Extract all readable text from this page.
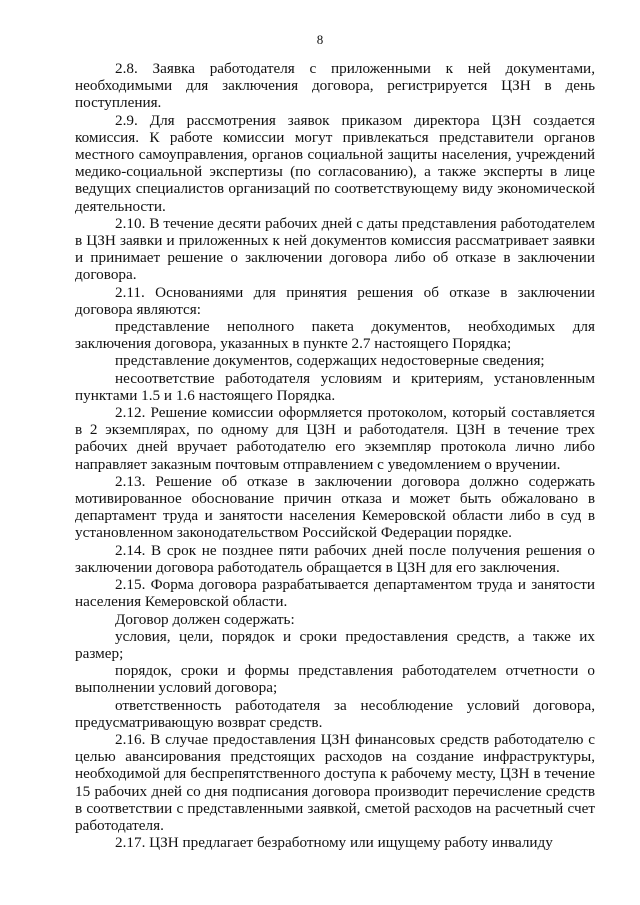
8

2.8. Заявка работодателя с приложенными к ней документами, необходимыми для заключения договора, регистрируется ЦЗН в день поступления.

2.9. Для рассмотрения заявок приказом директора ЦЗН создается комиссия. К работе комиссии могут привлекаться представители органов местного самоуправления, органов социальной защиты населения, учреждений медико-социальной экспертизы (по согласованию), а также эксперты в лице ведущих специалистов организаций по соответствующему виду экономической деятельности.

2.10. В течение десяти рабочих дней с даты представления работодателем в ЦЗН заявки и приложенных к ней документов комиссия рассматривает заявки и принимает решение о заключении договора либо об отказе в заключении договора.

2.11. Основаниями для принятия решения об отказе в заключении договора являются:

представление неполного пакета документов, необходимых для заключения договора, указанных в пункте 2.7 настоящего Порядка;

представление документов, содержащих недостоверные сведения;

несоответствие работодателя условиям и критериям, установленным пунктами 1.5 и 1.6 настоящего Порядка.

2.12. Решение комиссии оформляется протоколом, который составляется в 2 экземплярах, по одному для ЦЗН и работодателя. ЦЗН в течение трех рабочих дней вручает работодателю его экземпляр протокола лично либо направляет заказным почтовым отправлением с уведомлением о вручении.

2.13. Решение об отказе в заключении договора должно содержать мотивированное обоснование причин отказа и может быть обжаловано в департамент труда и занятости населения Кемеровской области либо в суд в установленном законодательством Российской Федерации порядке.

2.14. В срок не позднее пяти рабочих дней после получения решения о заключении договора работодатель обращается в ЦЗН для его заключения.

2.15. Форма договора разрабатывается департаментом труда и занятости населения Кемеровской области.

Договор должен содержать:

условия, цели, порядок и сроки предоставления средств, а также их размер;

порядок, сроки и формы представления работодателем отчетности о выполнении условий договора;

ответственность работодателя за несоблюдение условий договора, предусматривающую возврат средств.

2.16. В случае предоставления ЦЗН финансовых средств работодателю с целью авансирования предстоящих расходов на создание инфраструктуры, необходимой для беспрепятственного доступа к рабочему месту, ЦЗН в течение 15 рабочих дней со дня подписания договора производит перечисление средств в соответствии с представленными заявкой, сметой расходов на расчетный счет работодателя.

2.17. ЦЗН предлагает безработному или ищущему работу инвалиду
